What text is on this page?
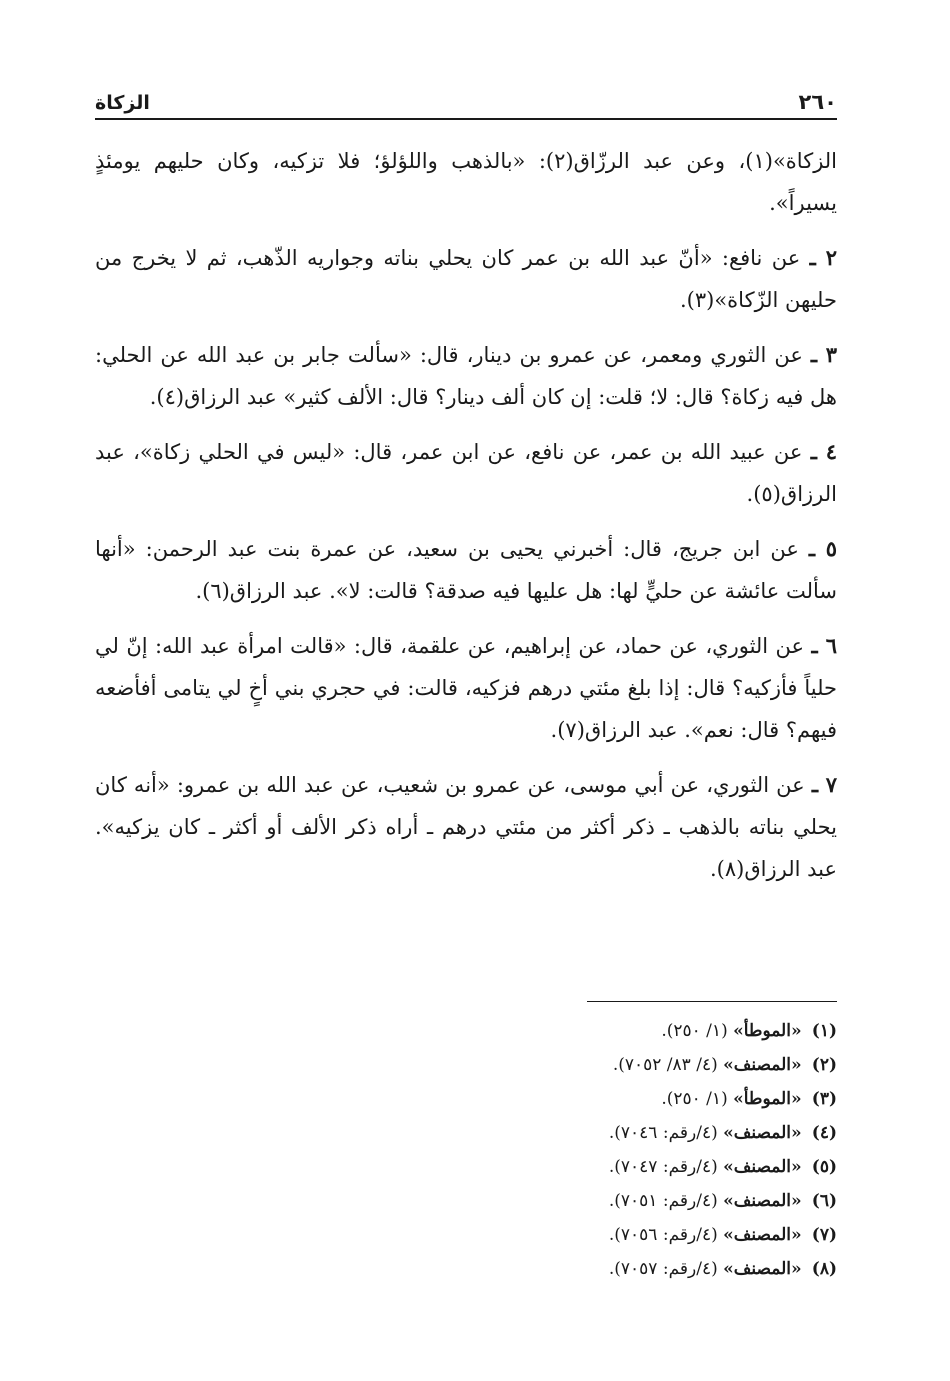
٢٦٠
الزكاة

الزكاة»(١)، وعن عبد الرزّاق(٢): «بالذهب واللؤلؤ؛ فلا تزكيه، وكان حليهم يومئذٍ يسيراً».

٢ ـ عن نافع: «أنّ عبد الله بن عمر كان يحلي بناته وجواريه الذّهب، ثم لا يخرج من حليهن الزّكاة»(٣).

٣ ـ عن الثوري ومعمر، عن عمرو بن دينار، قال: «سألت جابر بن عبد الله عن الحلي: هل فيه زكاة؟ قال: لا؛ قلت: إن كان ألف دينار؟ قال: الألف كثير» عبد الرزاق(٤).

٤ ـ عن عبيد الله بن عمر، عن نافع، عن ابن عمر، قال: «ليس في الحلي زكاة»، عبد الرزاق(٥).

٥ ـ عن ابن جريج، قال: أخبرني يحيى بن سعيد، عن عمرة بنت عبد الرحمن: «أنها سألت عائشة عن حليٍّ لها: هل عليها فيه صدقة؟ قالت: لا». عبد الرزاق(٦).

٦ ـ عن الثوري، عن حماد، عن إبراهيم، عن علقمة، قال: «قالت امرأة عبد الله: إنّ لي حلياً فأزكيه؟ قال: إذا بلغ مئتي درهم فزكيه، قالت: في حجري بني أخٍ لي يتامى أفأضعه فيهم؟ قال: نعم». عبد الرزاق(٧).

٧ ـ عن الثوري، عن أبي موسى، عن عمرو بن شعيب، عن عبد الله بن عمرو: «أنه كان يحلي بناته بالذهب ـ ذكر أكثر من مئتي درهم ـ أراه ذكر الألف أو أكثر ـ كان يزكيه». عبد الرزاق(٨).

(١) «الموطأ» (١/ ٢٥٠).
(٢) «المصنف» (٤/ ٨٣/ ٧٠٥٢).
(٣) «الموطأ» (١/ ٢٥٠).
(٤) «المصنف» (٤/رقم: ٧٠٤٦).
(٥) «المصنف» (٤/رقم: ٧٠٤٧).
(٦) «المصنف» (٤/رقم: ٧٠٥١).
(٧) «المصنف» (٤/رقم: ٧٠٥٦).
(٨) «المصنف» (٤/رقم: ٧٠٥٧).
